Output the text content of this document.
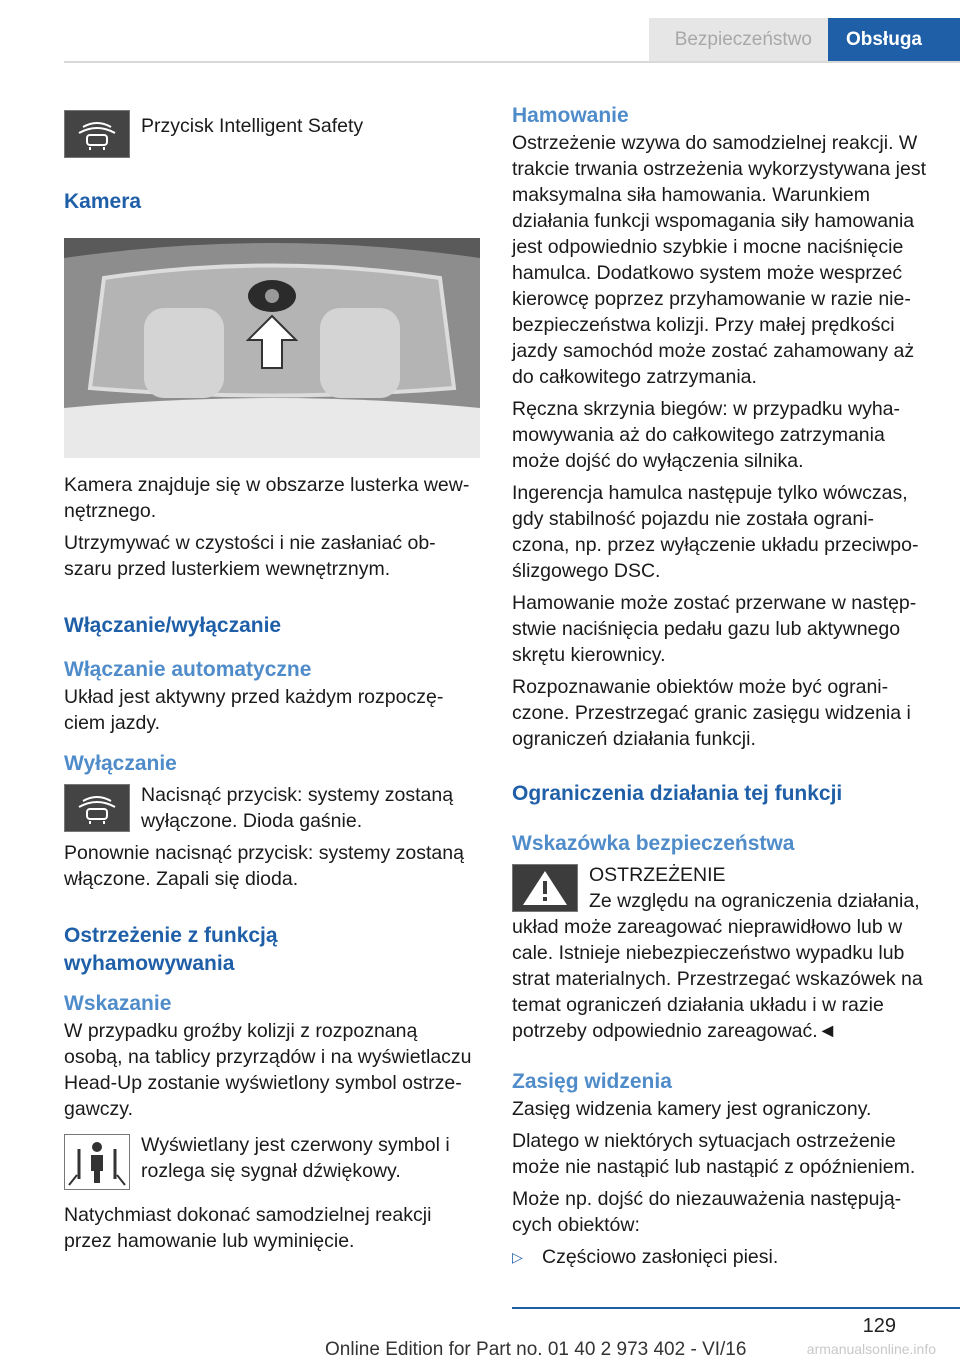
Bezpieczeństwo	Obsługa

Przycisk Intelligent Safety

Kamera

Kamera znajduje się w obszarze lusterka wew‐nętrznego.

Utrzymywać w czystości i nie zasłaniać ob‐szaru przed lusterkiem wewnętrznym.

Włączanie/wyłączanie
Włączanie automatyczne

Układ jest aktywny przed każdym rozpoczę‐ciem jazdy.

Wyłączanie

Nacisnąć przycisk: systemy zostaną wyłączone. Dioda gaśnie.

Ponownie nacisnąć przycisk: systemy zostaną włączone. Zapali się dioda.

Ostrzeżenie z funkcją wyhamowywania
Wskazanie

W przypadku groźby kolizji z rozpoznaną osobą, na tablicy przyrządów i na wyświetlaczu Head-Up zostanie wyświetlony symbol ostrze‐gawczy.

Wyświetlany jest czerwony symbol i rozlega się sygnał dźwiękowy.

Natychmiast dokonać samodzielnej reakcji przez hamowanie lub wyminięcie.

Hamowanie

Ostrzeżenie wzywa do samodzielnej reakcji. W trakcie trwania ostrzeżenia wykorzystywana jest maksymalna siła hamowania. Warunkiem działania funkcji wspomagania siły hamowania jest odpowiednio szybkie i mocne naciśnięcie hamulca. Dodatkowo system może wesprzeć kierowcę poprzez przyhamowanie w razie nie‐bezpieczeństwa kolizji. Przy małej prędkości jazdy samochód może zostać zahamowany aż do całkowitego zatrzymania.

Ręczna skrzynia biegów: w przypadku wyha‐mowywania aż do całkowitego zatrzymania może dojść do wyłączenia silnika.

Ingerencja hamulca następuje tylko wówczas, gdy stabilność pojazdu nie została ograni‐czona, np. przez wyłączenie układu przeciwpo‐ślizgowego DSC.

Hamowanie może zostać przerwane w następ‐stwie naciśnięcia pedału gazu lub aktywnego skrętu kierownicy.

Rozpoznawanie obiektów może być ograni‐czone. Przestrzegać granic zasięgu widzenia i ograniczeń działania funkcji.

Ograniczenia działania tej funkcji
Wskazówka bezpieczeństwa

OSTRZEŻENIE

Ze względu na ograniczenia działania,

układ może zareagować nieprawidłowo lub w cale. Istnieje niebezpieczeństwo wypadku lub strat materialnych. Przestrzegać wskazówek na temat ograniczeń działania układu i w razie potrzeby odpowiednio zareagować.◄

Zasięg widzenia

Zasięg widzenia kamery jest ograniczony.

Dlatego w niektórych sytuacjach ostrzeżenie może nie nastąpić lub nastąpić z opóźnieniem.

Może np. dojść do niezauważenia następują‐cych obiektów:

▷ Częściowo zasłonięci piesi.

129
Online Edition for Part no. 01 40 2 973 402 - VI/16	armanualsonline.info
